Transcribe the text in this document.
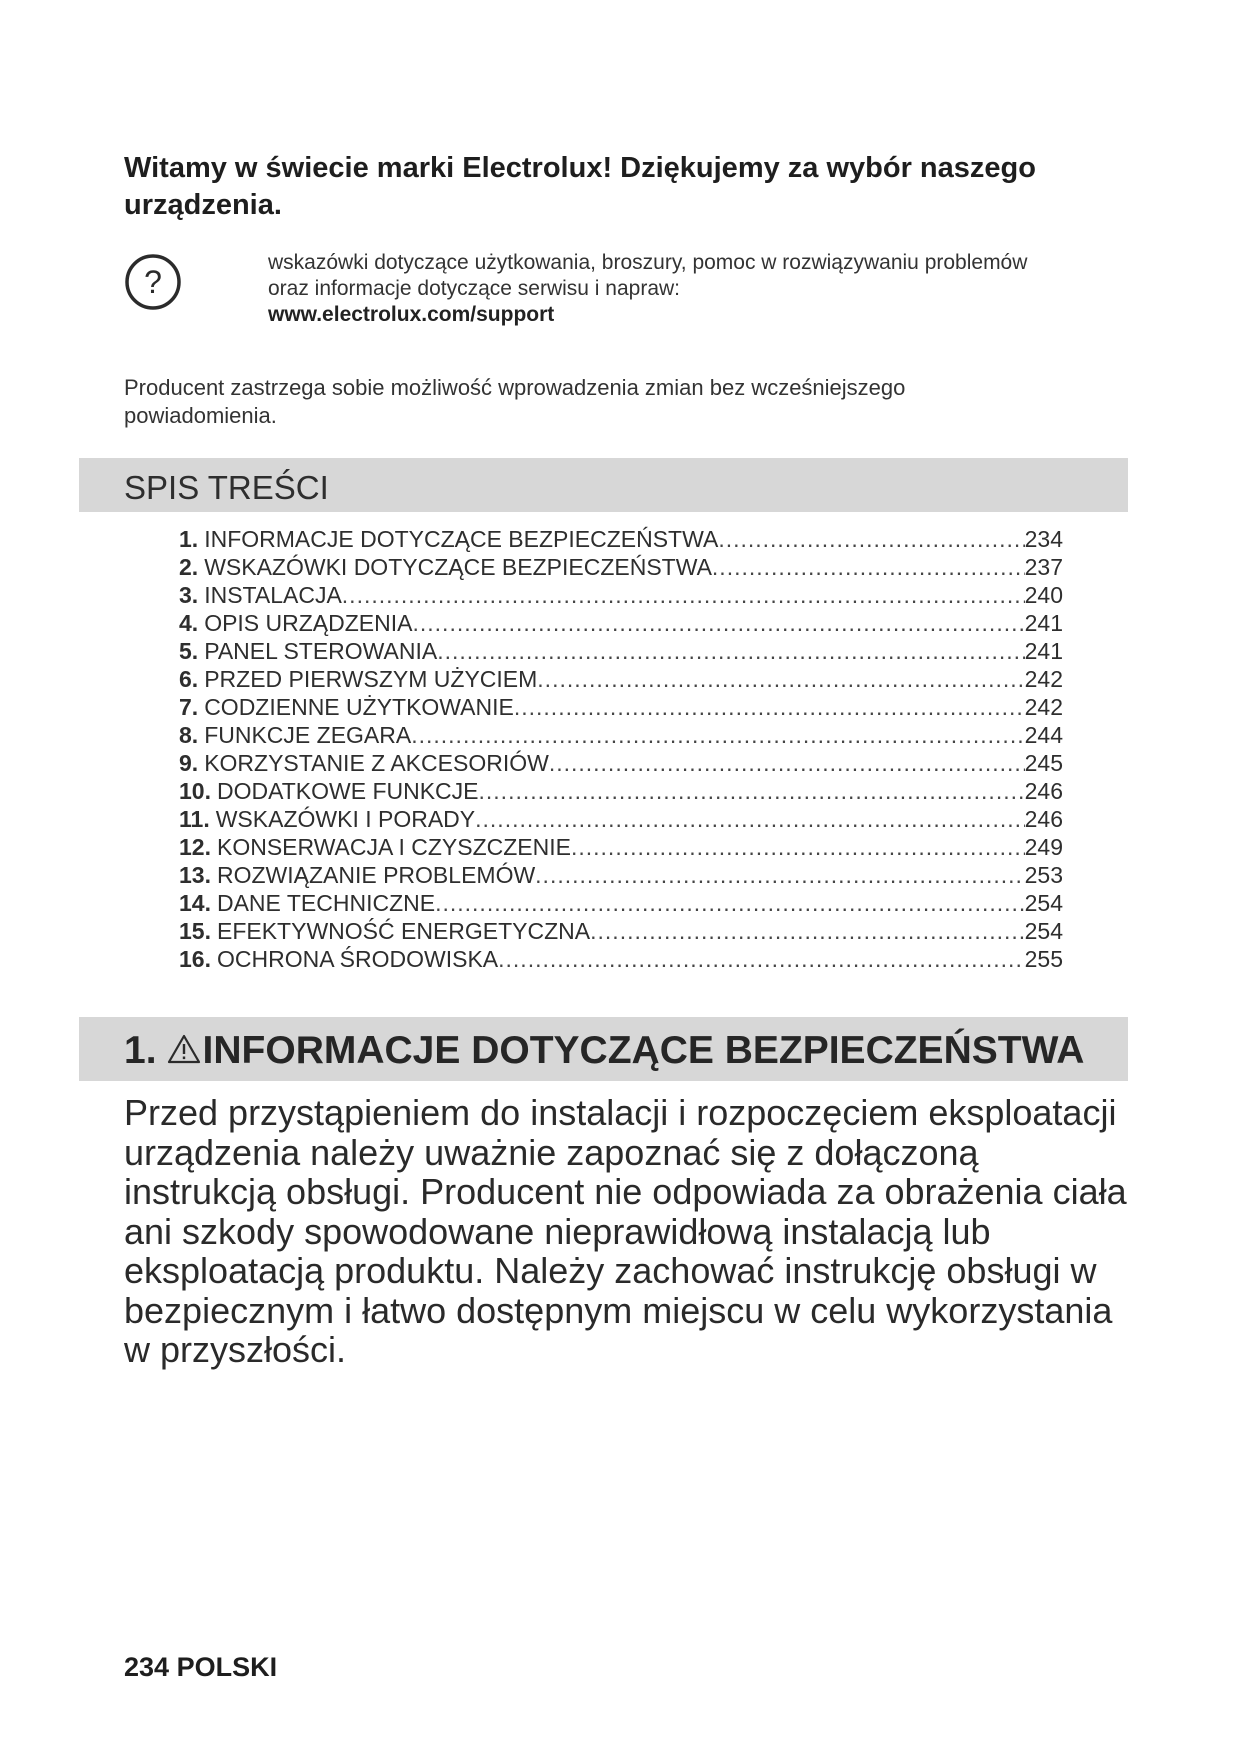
Witamy w świecie marki Electrolux! Dziękujemy za wybór naszego urządzenia.
?
wskazówki dotyczące użytkowania, broszury, pomoc w rozwiązywaniu problemów
oraz informacje dotyczące serwisu i napraw:
www.electrolux.com/support
Producent zastrzega sobie możliwość wprowadzenia zmian bez wcześniejszego powiadomienia.
SPIS TREŚCI
1. INFORMACJE DOTYCZĄCE BEZPIECZEŃSTWA .....	234
2. WSKAZÓWKI DOTYCZĄCE BEZPIECZEŃSTWA .....	237
3. INSTALACJA .....	240
4. OPIS URZĄDZENIA .....	241
5. PANEL STEROWANIA .....	241
6. PRZED PIERWSZYM UŻYCIEM .....	242
7. CODZIENNE UŻYTKOWANIE .....	242
8. FUNKCJE ZEGARA .....	244
9. KORZYSTANIE Z AKCESORIÓW .....	245
10. DODATKOWE FUNKCJE .....	246
11. WSKAZÓWKI I PORADY .....	246
12. KONSERWACJA I CZYSZCZENIE .....	249
13. ROZWIĄZANIE PROBLEMÓW .....	253
14. DANE TECHNICZNE .....	254
15. EFEKTYWNOŚĆ ENERGETYCZNA .....	254
16. OCHRONA ŚRODOWISKA .....	255
1. INFORMACJE DOTYCZĄCE BEZPIECZEŃSTWA
Przed przystąpieniem do instalacji i rozpoczęciem eksploatacji urządzenia należy uważnie zapoznać się z dołączoną instrukcją obsługi. Producent nie odpowiada za obrażenia ciała ani szkody spowodowane nieprawidłową instalacją lub eksploatacją produktu. Należy zachować instrukcję obsługi w bezpiecznym i łatwo dostępnym miejscu w celu wykorzystania w przyszłości.
234 POLSKI
